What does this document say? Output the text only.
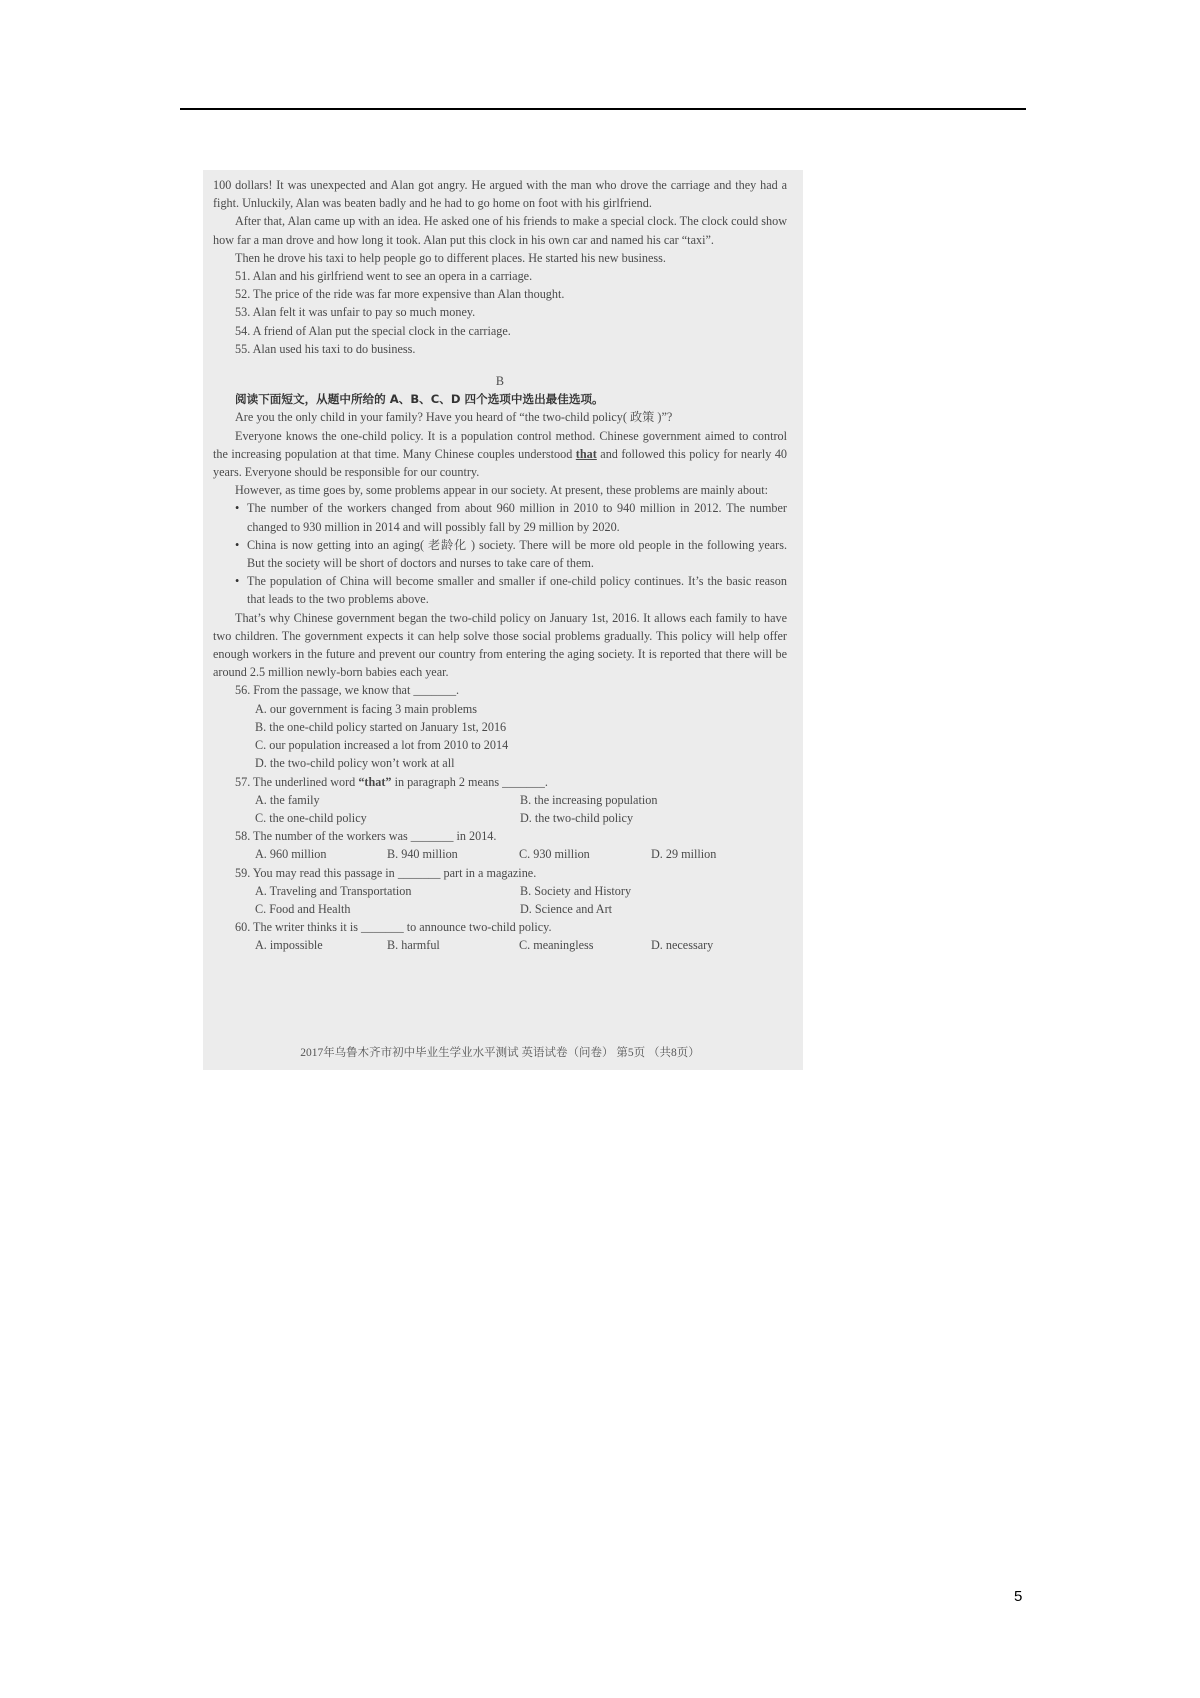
100 dollars! It was unexpected and Alan got angry. He argued with the man who drove the carriage and they had a fight. Unluckily, Alan was beaten badly and he had to go home on foot with his girlfriend.

After that, Alan came up with an idea. He asked one of his friends to make a special clock. The clock could show how far a man drove and how long it took. Alan put this clock in his own car and named his car “taxi”.

Then he drove his taxi to help people go to different places. He started his new business.

51. Alan and his girlfriend went to see an opera in a carriage.

52. The price of the ride was far more expensive than Alan thought.

53. Alan felt it was unfair to pay so much money.

54. A friend of Alan put the special clock in the carriage.

55. Alan used his taxi to do business.

B

阅读下面短文，从题中所给的 A、B、C、D 四个选项中选出最佳选项。

Are you the only child in your family? Have you heard of “the two-child policy( 政策 )”?

Everyone knows the one-child policy. It is a population control method. Chinese government aimed to control the increasing population at that time. Many Chinese couples understood that and followed this policy for nearly 40 years. Everyone should be responsible for our country.

However, as time goes by, some problems appear in our society. At present, these problems are mainly about:

• The number of the workers changed from about 960 million in 2010 to 940 million in 2012. The number changed to 930 million in 2014 and will possibly fall by 29 million by 2020.
• China is now getting into an aging( 老龄化 ) society. There will be more old people in the following years. But the society will be short of doctors and nurses to take care of them.
• The population of China will become smaller and smaller if one-child policy continues. It’s the basic reason that leads to the two problems above.

That’s why Chinese government began the two-child policy on January 1st, 2016. It allows each family to have two children. The government expects it can help solve those social problems gradually. This policy will help offer enough workers in the future and prevent our country from entering the aging society. It is reported that there will be around 2.5 million newly-born babies each year.

56. From the passage, we know that _______.

A. our government is facing 3 main problems

B. the one-child policy started on January 1st, 2016

C. our population increased a lot from 2010 to 2014

D. the two-child policy won’t work at all

57. The underlined word “that” in paragraph 2 means _______.

A. the family	B. the increasing population
C. the one-child policy	D. the two-child policy

58. The number of the workers was _______ in 2014.

A. 960 million	B. 940 million	C. 930 million	D. 29 million

59. You may read this passage in _______ part in a magazine.

A. Traveling and Transportation	B. Society and History
C. Food and Health	D. Science and Art

60. The writer thinks it is _______ to announce two-child policy.

A. impossible	B. harmful	C. meaningless	D. necessary
2017年乌鲁木齐市初中毕业生学业水平测试 英语试卷（问卷） 第5页 （共8页）
5
